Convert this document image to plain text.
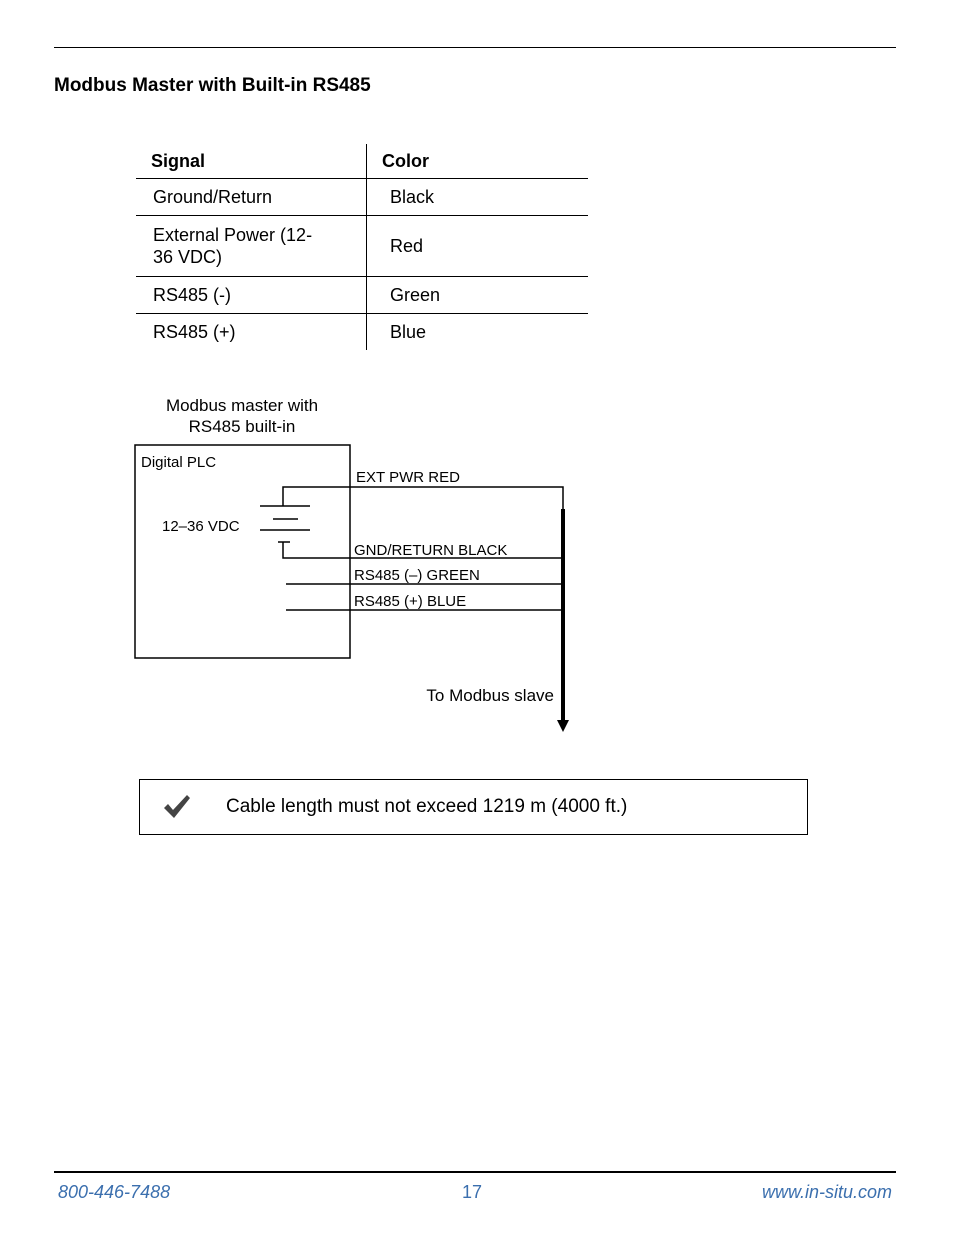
Modbus Master with Built-in RS485
Signal	Color
Ground/Return	Black

External Power (12-36 VDC)	Red
RS485 (-)	Green
RS485 (+)	Blue
Modbus master with
RS485 built-in
Digital PLC
12–36 VDC
EXT PWR RED
GND/RETURN BLACK
RS485 (–) GREEN
RS485 (+) BLUE
To Modbus slave
Cable length must not exceed 1219 m (4000 ft.)
800-446-7488	17	www.in-situ.com
